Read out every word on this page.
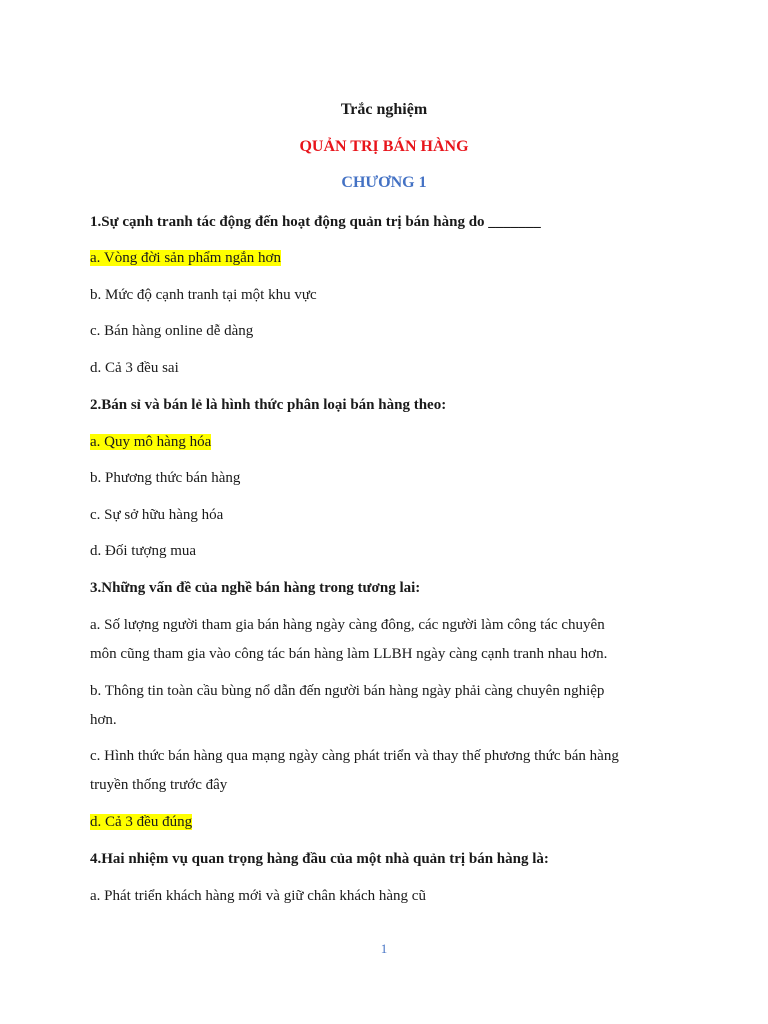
Trắc nghiệm
QUẢN TRỊ BÁN HÀNG
CHƯƠNG 1
1.Sự cạnh tranh tác động đến hoạt động quản trị bán hàng do _______
a. Vòng đời sản phẩm ngắn hơn
b. Mức độ cạnh tranh tại một khu vực
c. Bán hàng online dễ dàng
d. Cả 3 đều sai
2.Bán sỉ và bán lẻ là hình thức phân loại bán hàng theo:
a. Quy mô hàng hóa
b. Phương thức bán hàng
c. Sự sở hữu hàng hóa
d. Đối tượng mua
3.Những vấn đề của nghề bán hàng trong tương lai:
a. Số lượng người tham gia bán hàng ngày càng đông, các người làm công tác chuyên
môn cũng tham gia vào công tác bán hàng làm LLBH ngày càng cạnh tranh nhau hơn.
b. Thông tin toàn cầu bùng nổ dẫn đến người bán hàng ngày phải càng chuyên nghiệp
hơn.
c. Hình thức bán hàng qua mạng ngày càng phát triển và thay thế phương thức bán hàng
truyền thống trước đây
d. Cả 3 đều đúng
4.Hai nhiệm vụ quan trọng hàng đầu của một nhà quản trị bán hàng là:
a. Phát triển khách hàng mới và giữ chân khách hàng cũ
1
